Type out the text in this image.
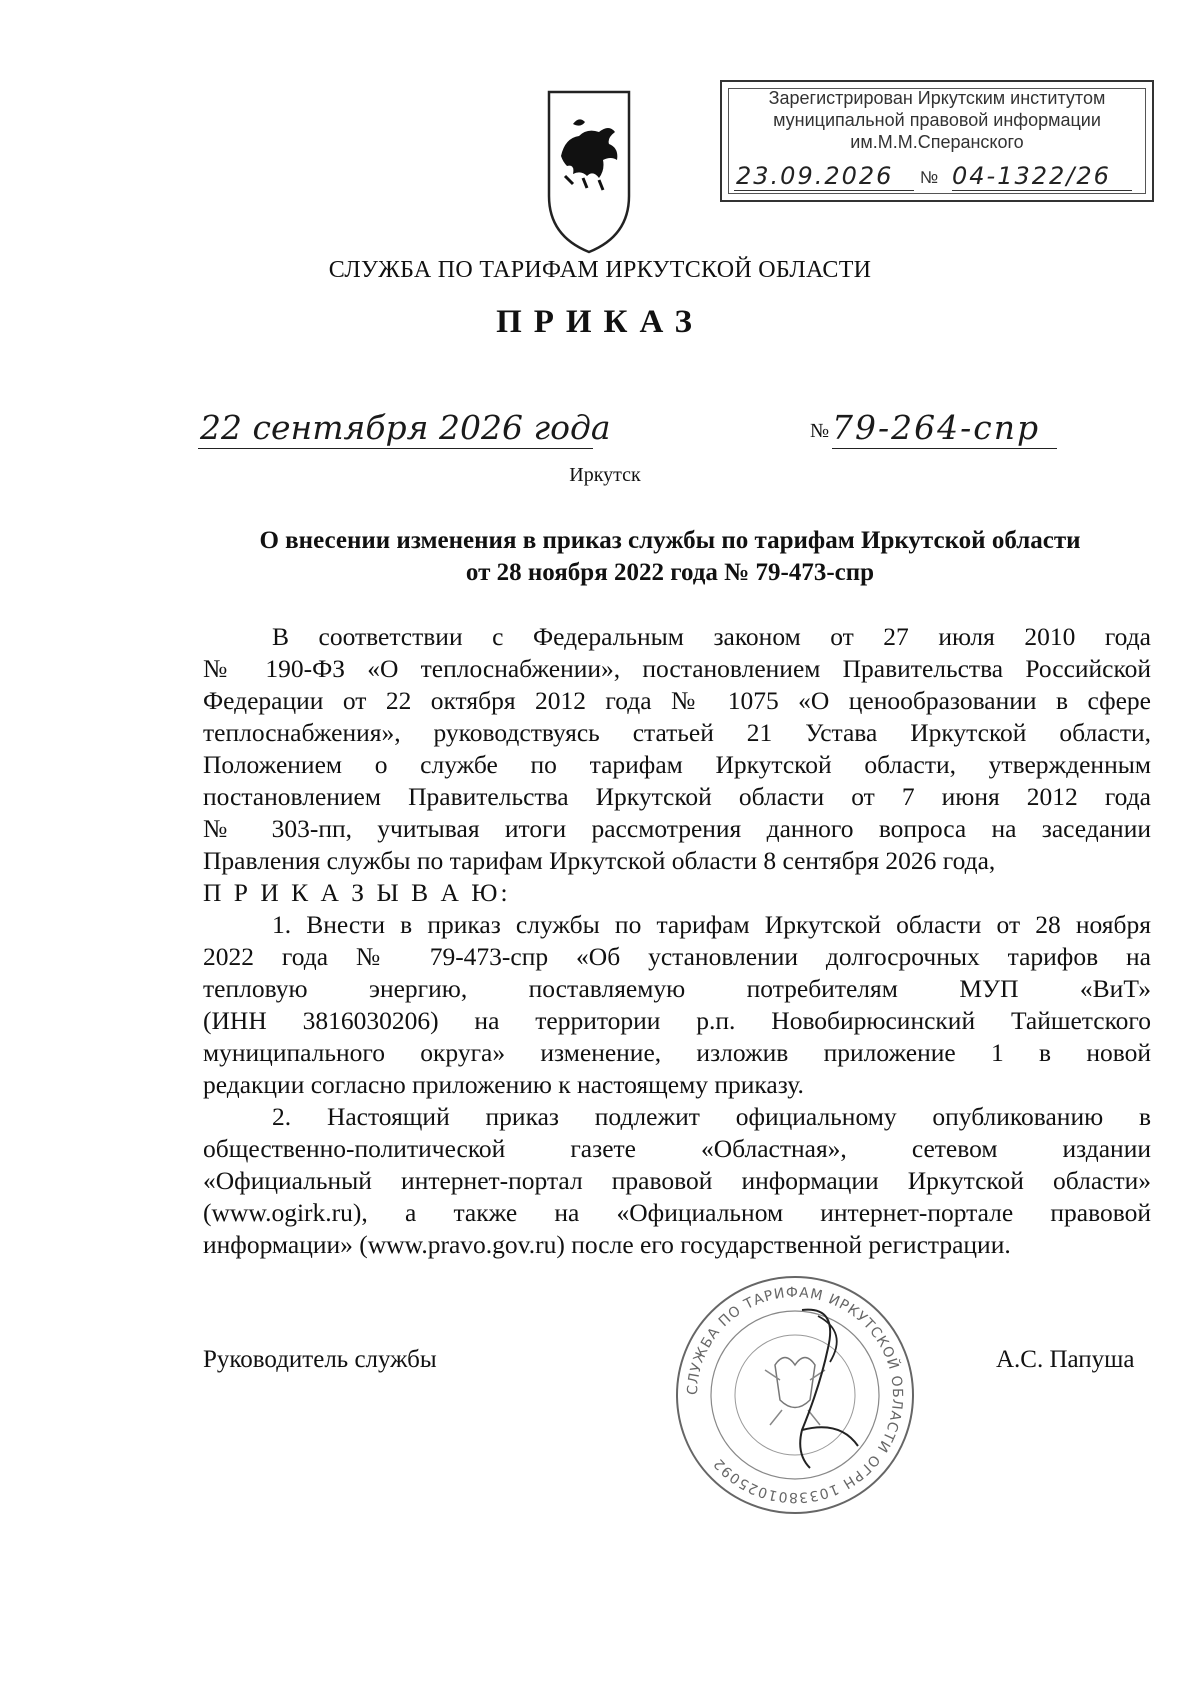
Зарегистрирован Иркутским институтом
муниципальной правовой информации
им.М.М.Сперанского
23.09.2026 № 04-1322/26
СЛУЖБА ПО ТАРИФАМ ИРКУТСКОЙ ОБЛАСТИ
ПРИКАЗ
22 сентября 2026 года	№ 79-264-спр
Иркутск
О внесении изменения в приказ службы по тарифам Иркутской области
от 28 ноября 2022 года № 79-473-спр
В соответствии с Федеральным законом от 27 июля 2010 года
№ 190-ФЗ «О теплоснабжении», постановлением Правительства Российской
Федерации от 22 октября 2012 года № 1075 «О ценообразовании в сфере
теплоснабжения», руководствуясь статьей 21 Устава Иркутской области,
Положением о службе по тарифам Иркутской области, утвержденным
постановлением Правительства Иркутской области от 7 июня 2012 года
№ 303-пп, учитывая итоги рассмотрения данного вопроса на заседании
Правления службы по тарифам Иркутской области 8 сентября 2026 года,
П Р И К А З Ы В А Ю:
1. Внести в приказ службы по тарифам Иркутской области от 28 ноября
2022 года № 79-473-спр «Об установлении долгосрочных тарифов на
тепловую энергию, поставляемую потребителям МУП «ВиТ»
(ИНН 3816030206) на территории р.п. Новобирюсинский Тайшетского
муниципального округа» изменение, изложив приложение 1 в новой
редакции согласно приложению к настоящему приказу.
2. Настоящий приказ подлежит официальному опубликованию в
общественно-политической газете «Областная», сетевом издании
«Официальный интернет-портал правовой информации Иркутской области»
(www.ogirk.ru), а также на «Официальном интернет-портале правовой
информации» (www.pravo.gov.ru) после его государственной регистрации.
Руководитель службы	А.С. Папуша
СЛУЖБА ПО ТАРИФАМ ИРКУТСКОЙ ОБЛАСТИ ОГРН 1033801025092
